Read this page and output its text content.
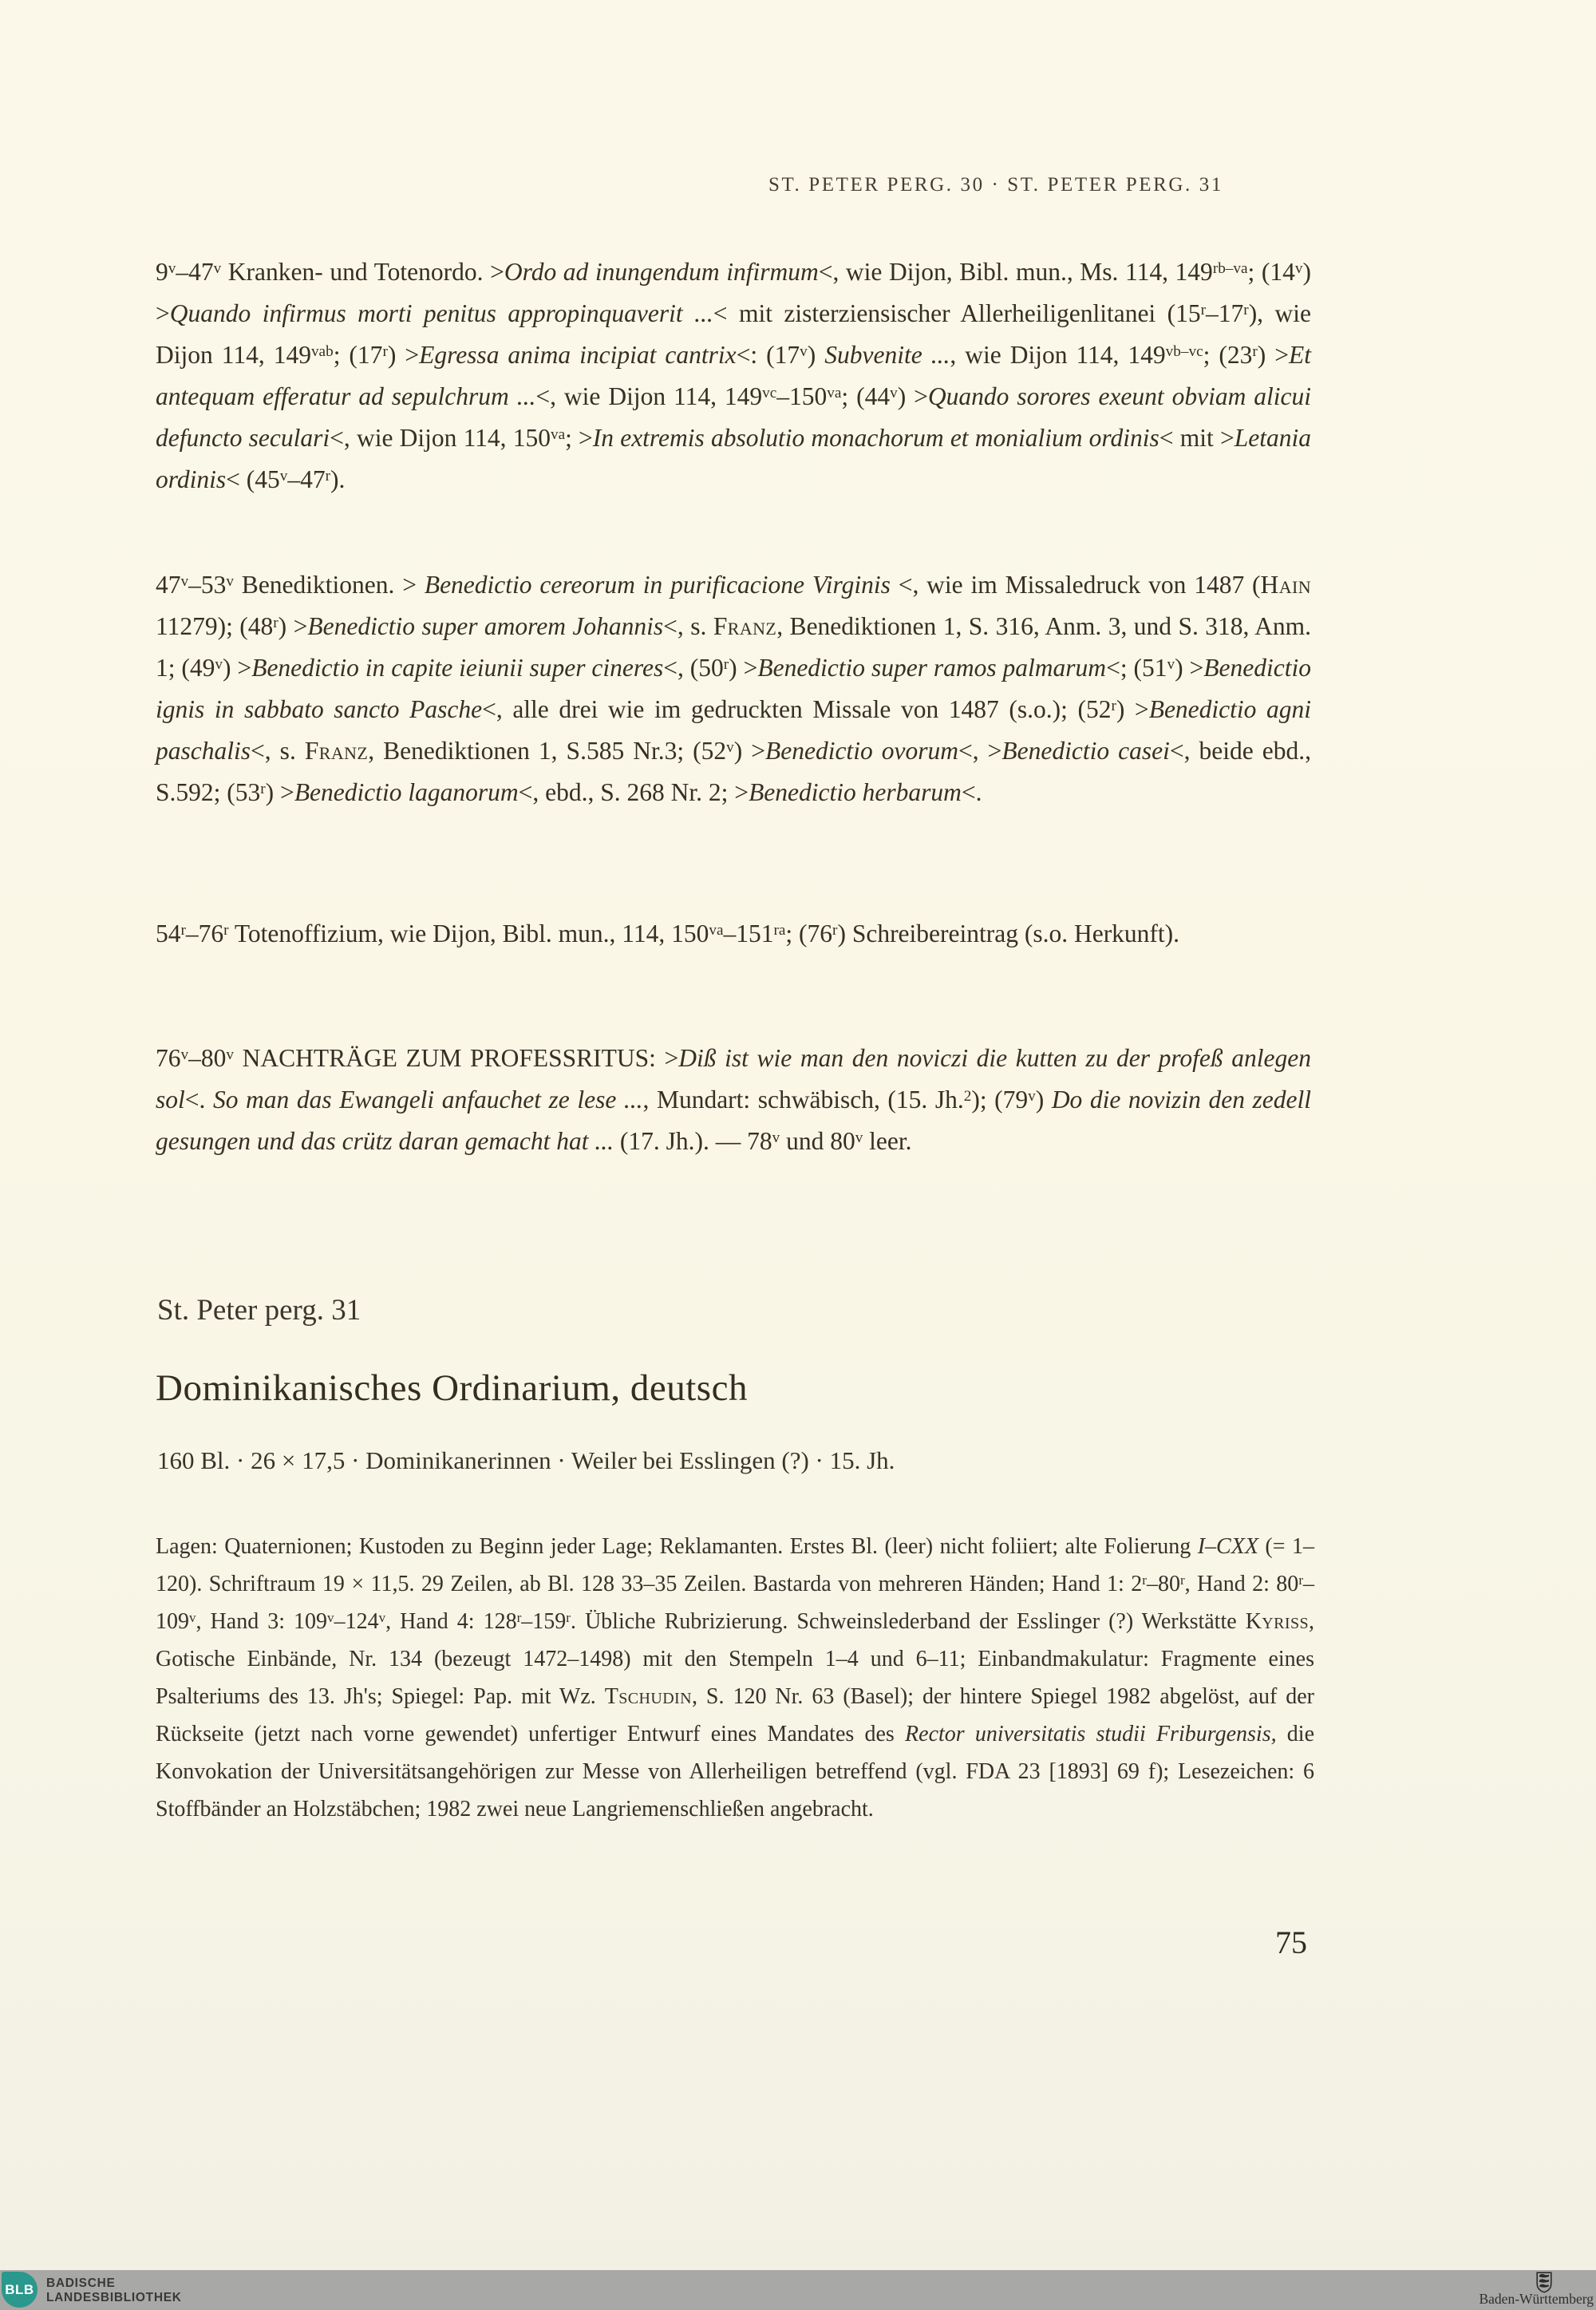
ST. PETER PERG. 30 · ST. PETER PERG. 31

9$^v$–47$^v$ Kranken- und Totenordo. >Ordo ad inungendum infirmum<, wie Dijon, Bibl. mun., Ms. 114, $149^{rb-va}$; $(14^v)$ >Quando infirmus morti penitus appropinquaverit ...< mit zisterziensischer Allerheiligenlitanei (15$^r$–17$^r$), wie Dijon 114, $149^{vab}$; $(17^r)$ >Egressa anima incipiat cantrix<: (17$^v$) Subvenite ..., wie Dijon 114, $149^{vb-vc}$; $(23^r) >Et$ antequam efferatur ad sepulchrum ...<, wie Dijon 114, $149^{vc}-150^{va}$; $(44^v)$ >Quando sorores exeunt obviam alicui defuncto seculari<, wie Dijon 114, $150^{va}$; >In extremis absolutio monachorum et monialium ordinis< mit >Letania ordinis< $(45^v-47^r)$.

47$^v$–53$^v$ Benediktionen. > Benedictio cereorum in purificacione Virginis <, wie im Missaledruck von 1487 (Hain 11279); $(48^r)$ >Benedictio super amorem Johannis<, s. Franz, Benediktionen 1, S. 316, Anm. 3, und S. 318, Anm. 1; $(49^v)$ >Benedictio in capite ieiunii super cineres<, $(50^r)$ >Benedictio super ramos palmarum<; $(51^v)$ >Benedictio ignis in sabbato sancto Pasche<, alle drei wie im gedruckten Missale von 1487 (s.o.); $(52^r)$ >Benedictio agni paschalis<, s. Franz, Benediktionen 1, S.585 Nr.3; $(52^v)$ >Benedictio ovorum<, >Benedictio casei<, beide ebd., S.592; $(53^r)$ >Benedictio laganorum<, ebd., S. 268 Nr. 2; >Benedictio herbarum<.

54$^r$–76$^r$ Totenoffizium, wie Dijon, Bibl. mun., 114, $150^{va}-151^{ra}$; (76$^r$) Schreibereintrag (s.o. Herkunft).

76$^v$–80$^v$ NACHTRÄGE ZUM PROFESSRITUS: >Diß ist wie man den noviczi die kutten zu der profeß anlegen sol<. So man das Ewangeli anfauchet ze lese ..., Mundart: schwäbisch, (15. Jh.$^2$); (79$^v$) Do die novizin den zedell gesungen und das crütz daran gemacht hat ... (17. Jh.). — 78$^v$ und 80$^v$ leer.

St. Peter perg. 31
Dominikanisches Ordinarium, deutsch
160 Bl. · 26 × 17,5 · Dominikanerinnen · Weiler bei Esslingen (?) · 15. Jh.

Lagen: Quaternionen; Kustoden zu Beginn jeder Lage; Reklamanten. Erstes Bl. (leer) nicht foliiert; alte Folierung I–CXX (= 1–120). Schriftraum 19 × 11,5. 29 Zeilen, ab Bl. 128 33–35 Zeilen. Bastarda von mehreren Händen; Hand 1: 2$^r$–80$^r$, Hand 2: 80$^r$–109$^v$, Hand 3: 109$^v$–124$^v$, Hand 4: 128$^r$–159$^r$. Übliche Rubrizierung. Schweinslederband der Esslinger (?) Werkstätte Kyriss, Gotische Einbände, Nr. 134 (bezeugt 1472–1498) mit den Stempeln 1–4 und 6–11; Einbandmakulatur: Fragmente eines Psalteriums des 13. Jh's; Spiegel: Pap. mit Wz. Tschudin, S. 120 Nr. 63 (Basel); der hintere Spiegel 1982 abgelöst, auf der Rückseite (jetzt nach vorne gewendet) unfertiger Entwurf eines Mandates des Rector universitatis studii Friburgensis, die Konvokation der Universitätsangehörigen zur Messe von Allerheiligen betreffend (vgl. FDA 23 [1893] 69 f); Lesezeichen: 6 Stoffbänder an Holzstäbchen; 1982 zwei neue Langriemenschließen angebracht.

75
BLB BADISCHE
LANDESBIBLIOTHEK	Baden-Württemberg
